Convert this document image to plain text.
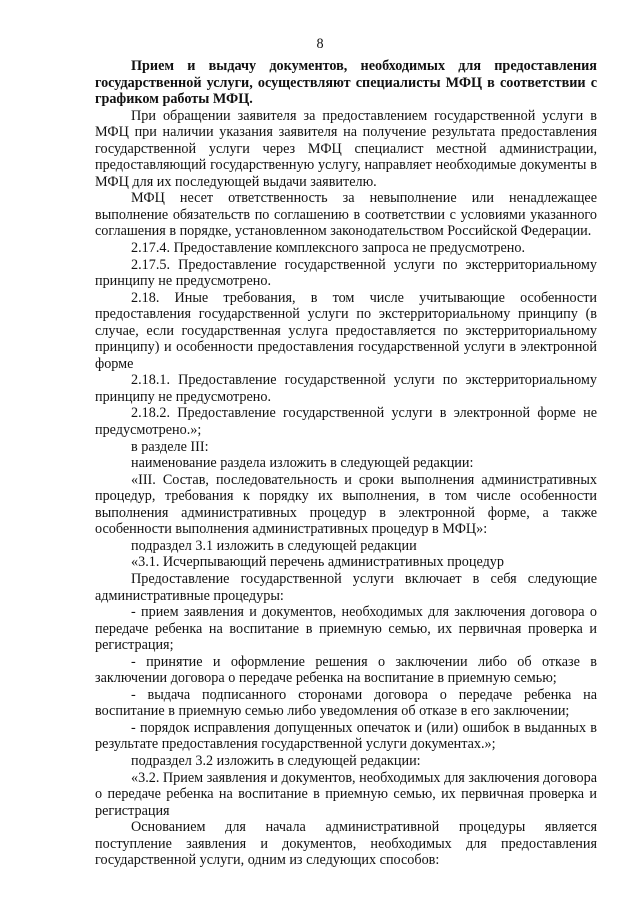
8

Прием и выдачу документов, необходимых для предоставления государственной услуги, осуществляют специалисты МФЦ в соответствии с графиком работы МФЦ.

При обращении заявителя за предоставлением государственной услуги в МФЦ при наличии указания заявителя на получение результата предоставления государственной услуги через МФЦ специалист местной администрации, предоставляющий государственную услугу, направляет необходимые документы в МФЦ для их последующей выдачи заявителю.

МФЦ несет ответственность за невыполнение или ненадлежащее выполнение обязательств по соглашению в соответствии с условиями указанного соглашения в порядке, установленном законодательством Российской Федерации.

2.17.4. Предоставление комплексного запроса не предусмотрено.

2.17.5. Предоставление государственной услуги по экстерриториальному принципу не предусмотрено.

2.18. Иные требования, в том числе учитывающие особенности предоставления государственной услуги по экстерриториальному принципу (в случае, если государственная услуга предоставляется по экстерриториальному принципу) и особенности предоставления государственной услуги в электронной форме

2.18.1. Предоставление государственной услуги по экстерриториальному принципу не предусмотрено.

2.18.2. Предоставление государственной услуги в электронной форме не предусмотрено.»;

в разделе III:

наименование раздела изложить в следующей редакции:

«III. Состав, последовательность и сроки выполнения административных процедур, требования к порядку их выполнения, в том числе особенности выполнения административных процедур в электронной форме, а также особенности выполнения административных процедур в МФЦ»:

подраздел 3.1 изложить в следующей редакции

«3.1. Исчерпывающий перечень административных процедур

Предоставление государственной услуги включает в себя следующие административные процедуры:

- прием заявления и документов, необходимых для заключения договора о передаче ребенка на воспитание в приемную семью, их первичная проверка и регистрация;

- принятие и оформление решения о заключении либо об отказе в заключении договора о передаче ребенка на воспитание в приемную семью;

- выдача подписанного сторонами договора о передаче ребенка на воспитание в приемную семью либо уведомления об отказе в его заключении;

- порядок исправления допущенных опечаток и (или) ошибок в выданных в результате предоставления государственной услуги документах.»;

подраздел 3.2 изложить в следующей редакции:

«3.2. Прием заявления и документов, необходимых для заключения договора о передаче ребенка на воспитание в приемную семью, их первичная проверка и регистрация

Основанием для начала административной процедуры является поступление заявления и документов, необходимых для предоставления государственной услуги, одним из следующих способов:
